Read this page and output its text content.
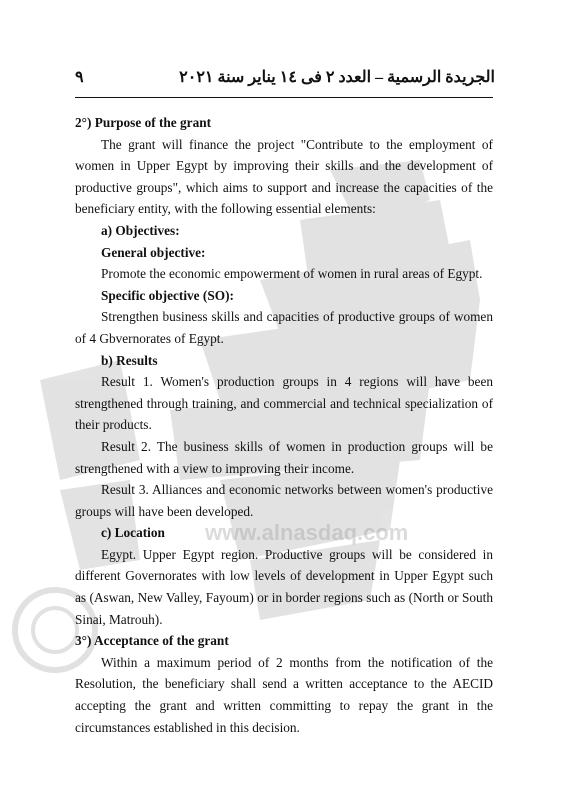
www.alnasdaq.com
٩	الجريدة الرسمية – العدد ٢ فى ١٤ يناير سنة ٢٠٢١

2°) Purpose of the grant

The grant will finance the project "Contribute to the employment of women in Upper Egypt by improving their skills and the development of productive groups", which aims to support and increase the capacities of the beneficiary entity, with the following essential elements:

a) Objectives:

General objective:

Promote the economic empowerment of women in rural areas of Egypt.

Specific objective (SO):

Strengthen business skills and capacities of productive groups of women of 4 Gbvernorates of Egypt.

b) Results

Result 1. Women's production groups in 4 regions will have been strengthened through training, and commercial and technical specialization of their products.

Result 2. The business skills of women in production groups will be strengthened with a view to improving their income.

Result 3. Alliances and economic networks between women's productive groups will have been developed.

c) Location

Egypt. Upper Egypt region. Productive groups will be considered in different Governorates with low levels of development in Upper Egypt such as (Aswan, New Valley, Fayoum) or in border regions such as (North or South Sinai, Matrouh).

3°) Acceptance of the grant

Within a maximum period of 2 months from the notification of the Resolution, the beneficiary shall send a written acceptance to the AECID accepting the grant and written committing to repay the grant in the circumstances established in this decision.
